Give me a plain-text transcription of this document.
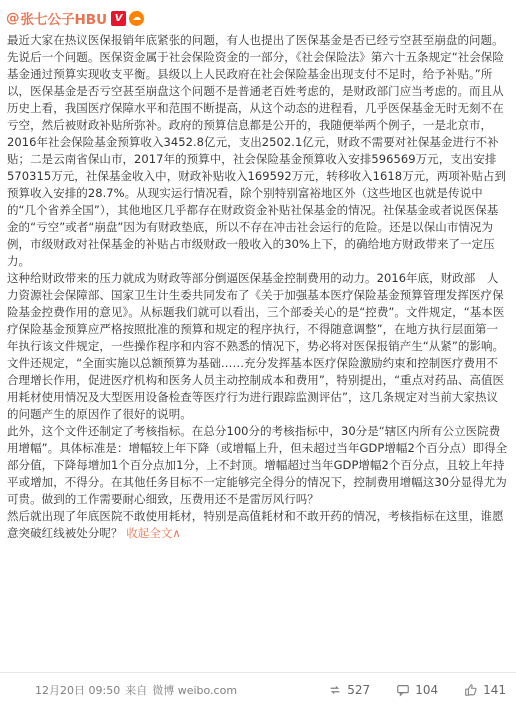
@ 张七公子HBU V	☁

最近大家在热议医保报销年底紧张的问题，有人也提出了医保基金是否已经亏空甚至崩盘的问题。

先说后一个问题。医保资金属于社会保险资金的一部分，《社会保险法》第六十五条规定“社会保险基金通过预算实现收支平衡。县级以上人民政府在社会保险基金出现支付不足时，给予补贴。”所以，医保基金是否亏空甚至崩盘这个问题不是普通老百姓考虑的，是财政部门应当考虑的。而且从历史上看，我国医疗保障水平和范围不断提高，从这个动态的进程看，几乎医保基金无时无刻不在亏空，然后被财政补贴所弥补。政府的预算信息都是公开的，我随便举两个例子，一是北京市，2016年社会保险基金预算收入3452.8亿元，支出2502.1亿元，财政不需要对社保基金进行不补贴；二是云南省保山市，2017年的预算中，社会保险基金预算收入安排596569万元，支出安排570315万元，社保基金收入中，财政补贴收入169592万元，转移收入1618万元，两项补贴占到预算收入安排的28.7%。从现实运行情况看，除个别特别富裕地区外（这些地区也就是传说中的“几个省养全国”），其他地区几乎都存在财政资金补贴社保基金的情况。社保基金或者说医保基金的“亏空”或者“崩盘”因为有财政垫底，所以不存在冲击社会运行的危险。还是以保山市情况为例，市级财政对社保基金的补贴占市级财政一般收入的30%上下，的确给地方财政带来了一定压力。

这种给财政带来的压力就成为财政等部分倒逼医保基金控制费用的动力。2016年底，财政部　人力资源社会保障部、国家卫生计生委共同发布了《关于加强基本医疗保险基金预算管理发挥医疗保险基金控费作用的意见》。从标题我们就可以看出，三个部委关心的是“控费”。文件规定，“基本医疗保险基金预算应严格按照批准的预算和规定的程序执行，不得随意调整”，在地方执行层面第一年执行该文件规定，一些操作程序和内容不熟悉的情况下，势必将对医保报销产生“从紧”的影响。文件还规定，“全面实施以总额预算为基础……充分发挥基本医疗保险激励约束和控制医疗费用不合理增长作用，促进医疗机构和医务人员主动控制成本和费用”，特别提出，“重点对药品、高值医用耗材使用情况及大型医用设备检查等医疗行为进行跟踪监测评估”，这几条规定对当前大家热议的问题产生的原因作了很好的说明。

此外，这个文件还制定了考核指标。在总分100分的考核指标中，30分是“辖区内所有公立医院费用增幅”。具体标准是：增幅较上年下降（或增幅上升，但未超过当年GDP增幅2个百分点）即得全部分值，下降每增加1个百分点加1分，上不封顶。增幅超过当年GDP增幅2个百分点，且较上年持平或增加，不得分。在其他任务目标不一定能够完全得分的情况下，控制费用增幅这30分显得尤为可贵。做到的工作需要耐心细致，压费用还不是雷厉风行吗？

然后就出现了年底医院不敢使用耗材，特别是高值耗材和不敢开药的情况，考核指标在这里，谁愿意突破红线被处分呢？ 收起全文∧

12月20日 09:50 来自 微博 weibo.com	527	104	141
